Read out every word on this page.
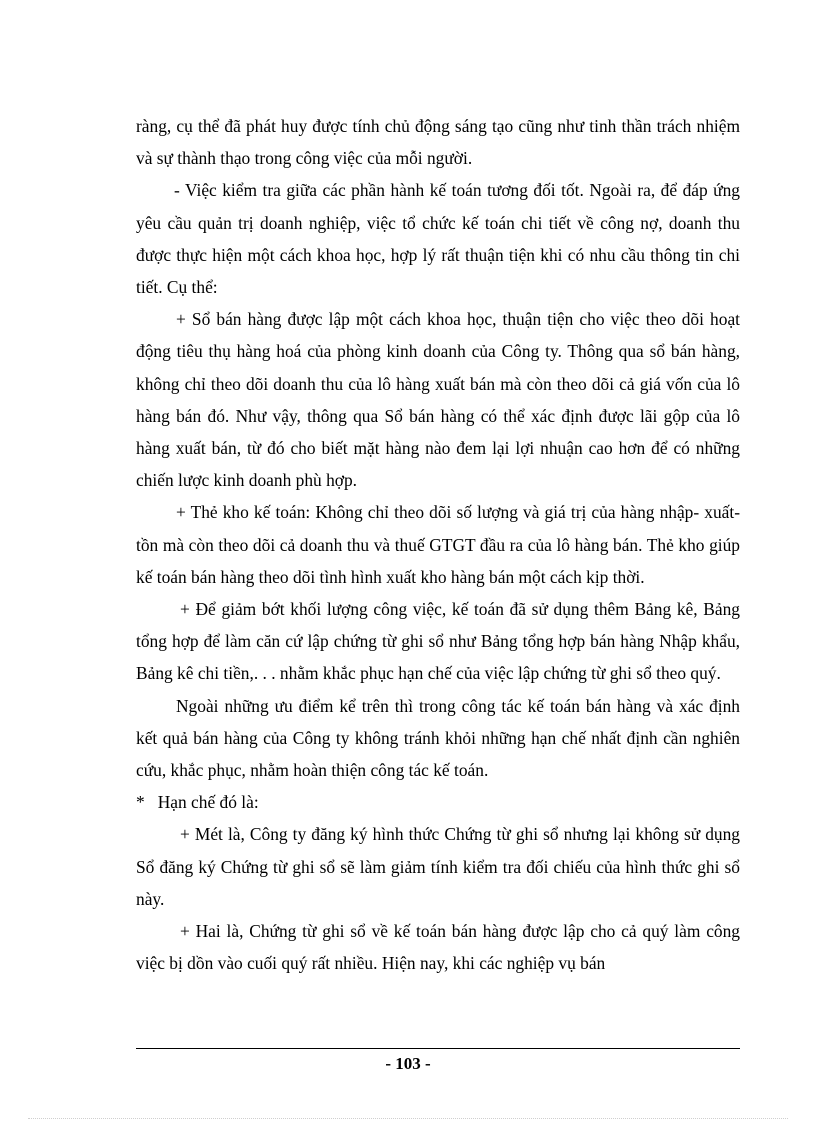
ràng, cụ thể đã phát huy được tính chủ động sáng tạo cũng như tinh thần trách nhiệm và sự thành thạo trong công việc của mỗi người.

- Việc kiểm tra giữa các phần hành kế toán tương đối tốt. Ngoài ra, để đáp ứng yêu cầu quản trị doanh nghiệp, việc tổ chức kế toán chi tiết về công nợ, doanh thu được thực hiện một cách khoa học, hợp lý rất thuận tiện khi có nhu cầu thông tin chi tiết. Cụ thể:

+ Sổ bán hàng được lập một cách khoa học, thuận tiện cho việc theo dõi hoạt động tiêu thụ hàng hoá của phòng kinh doanh của Công ty. Thông qua sổ bán hàng, không chỉ theo dõi doanh thu của lô hàng xuất bán mà còn theo dõi cả giá vốn của lô hàng bán đó. Như vậy, thông qua Sổ bán hàng có thể xác định được lãi gộp của lô hàng xuất bán, từ đó cho biết mặt hàng nào đem lại lợi nhuận cao hơn để có những chiến lược kinh doanh phù hợp.

+ Thẻ kho kế toán: Không chỉ theo dõi số lượng và giá trị của hàng nhập- xuất- tồn mà còn theo dõi cả doanh thu và thuế GTGT đầu ra của lô hàng bán. Thẻ kho giúp kế toán bán hàng theo dõi tình hình xuất kho hàng bán một cách kịp thời.

+ Để giảm bớt khối lượng công việc, kế toán đã sử dụng thêm Bảng kê, Bảng tổng hợp để làm căn cứ lập chứng từ ghi sổ như Bảng tổng hợp bán hàng Nhập khẩu, Bảng kê chi tiền,. . . nhằm khắc phục hạn chế của việc lập chứng từ ghi sổ theo quý.

Ngoài những ưu điểm kể trên thì trong công tác kế toán bán hàng và xác định kết quả bán hàng của Công ty không tránh khỏi những hạn chế nhất định cần nghiên cứu, khắc phục, nhằm hoàn thiện công tác kế toán.

*   Hạn chế đó là:

+ Mét là, Công ty đăng ký hình thức Chứng từ ghi sổ nhưng lại không sử dụng Sổ đăng ký Chứng từ ghi sổ sẽ làm giảm tính kiểm tra đối chiếu của hình thức ghi sổ này.

+ Hai là, Chứng từ ghi sổ về kế toán bán hàng được lập cho cả quý làm công việc bị dồn vào cuối quý rất nhiều. Hiện nay, khi các nghiệp vụ bán

- 103 -
